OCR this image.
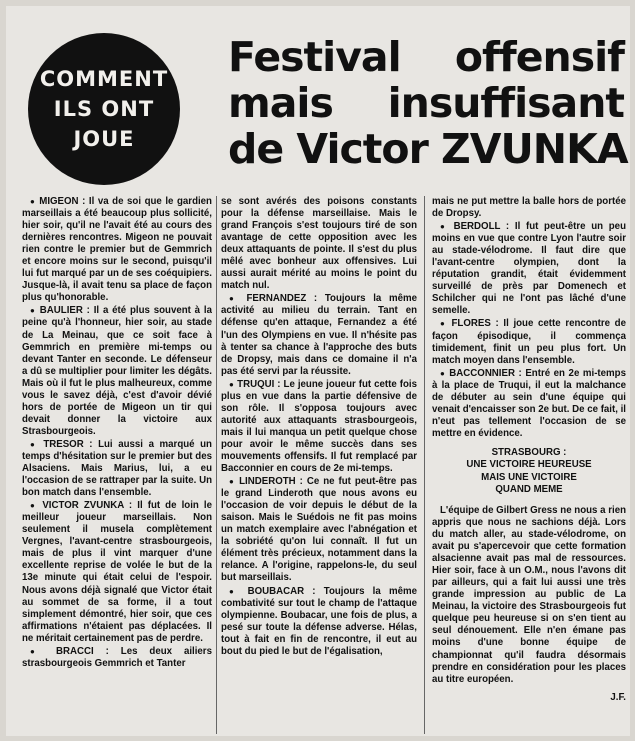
COMMENT
ILS ONT
JOUE
Festival offensif
mais insuffisant
de Victor ZVUNKA

● MIGEON : Il va de soi que le gardien marseillais a été beaucoup plus sollicité, hier soir, qu'il ne l'avait été au cours des dernières rencontres. Migeon ne pouvait rien contre le premier but de Gemmrich et encore moins sur le second, puisqu'il lui fut marqué par un de ses coéquipiers. Jusque-là, il avait tenu sa place de façon plus qu'honorable.

● BAULIER : Il a été plus souvent à la peine qu'à l'honneur, hier soir, au stade de La Meinau, que ce soit face à Gemmrich en première mi-temps ou devant Tanter en seconde. Le défenseur a dû se multiplier pour limiter les dégâts. Mais où il fut le plus malheureux, comme vous le savez déjà, c'est d'avoir dévié hors de portée de Migeon un tir qui devait donner la victoire aux Strasbourgeois.

● TRESOR : Lui aussi a marqué un temps d'hésitation sur le premier but des Alsaciens. Mais Marius, lui, a eu l'occasion de se rattraper par la suite. Un bon match dans l'ensemble.

● VICTOR ZVUNKA : Il fut de loin le meilleur joueur marseillais. Non seulement il musela complètement Vergnes, l'avant-centre strasbourgeois, mais de plus il vint marquer d'une excellente reprise de volée le but de la 13e minute qui était celui de l'espoir. Nous avons déjà signalé que Victor était au sommet de sa forme, il a tout simplement démontré, hier soir, que ces affirmations n'étaient pas déplacées. Il ne méritait certainement pas de perdre.

● BRACCI : Les deux ailiers strasbourgeois Gemmrich et Tanter

se sont avérés des poisons constants pour la défense marseillaise. Mais le grand François s'est toujours tiré de son avantage de cette opposition avec les deux attaquants de pointe. Il s'est du plus mêlé avec bonheur aux offensives. Lui aussi aurait mérité au moins le point du match nul.

● FERNANDEZ : Toujours la même activité au milieu du terrain. Tant en défense qu'en attaque, Fernandez a été l'un des Olympiens en vue. Il n'hésite pas à tenter sa chance à l'approche des buts de Dropsy, mais dans ce domaine il n'a pas été servi par la réussite.

● TRUQUI : Le jeune joueur fut cette fois plus en vue dans la partie défensive de son rôle. Il s'opposa toujours avec autorité aux attaquants strasbourgeois, mais il lui manqua un petit quelque chose pour avoir le même succès dans ses mouvements offensifs. Il fut remplacé par Bacconnier en cours de 2e mi-temps.

● LINDEROTH : Ce ne fut peut-être pas le grand Linderoth que nous avons eu l'occasion de voir depuis le début de la saison. Mais le Suédois ne fit pas moins un match exemplaire avec l'abnégation et la sobriété qu'on lui connaît. Il fut un élément très précieux, notamment dans la relance. A l'origine, rappelons-le, du seul but marseillais.

● BOUBACAR : Toujours la même combativité sur tout le champ de l'attaque olympienne. Boubacar, une fois de plus, a pesé sur toute la défense adverse. Hélas, tout à fait en fin de rencontre, il eut au bout du pied le but de l'égalisation,

mais ne put mettre la balle hors de portée de Dropsy.

● BERDOLL : Il fut peut-être un peu moins en vue que contre Lyon l'autre soir au stade-vélodrome. Il faut dire que l'avant-centre olympien, dont la réputation grandit, était évidemment surveillé de près par Domenech et Schilcher qui ne l'ont pas lâché d'une semelle.

● FLORES : Il joue cette rencontre de façon épisodique, il commença timidement, finit un peu plus fort. Un match moyen dans l'ensemble.

● BACCONNIER : Entré en 2e mi-temps à la place de Truqui, il eut la malchance de débuter au sein d'une équipe qui venait d'encaisser son 2e but. De ce fait, il n'eut pas tellement l'occasion de se mettre en évidence.

STRASBOURG :
UNE VICTOIRE HEUREUSE
MAIS UNE VICTOIRE
QUAND MEME

L'équipe de Gilbert Gress ne nous a rien appris que nous ne sachions déjà. Lors du match aller, au stade-vélodrome, on avait pu s'apercevoir que cette formation alsacienne avait pas mal de ressources. Hier soir, face à un O.M., nous l'avons dit par ailleurs, qui a fait lui aussi une très grande impression au public de La Meinau, la victoire des Strasbourgeois fut quelque peu heureuse si on s'en tient au seul dénouement. Elle n'en émane pas moins d'une bonne équipe de championnat qu'il faudra désormais prendre en considération pour les places au titre européen.

J.F.
